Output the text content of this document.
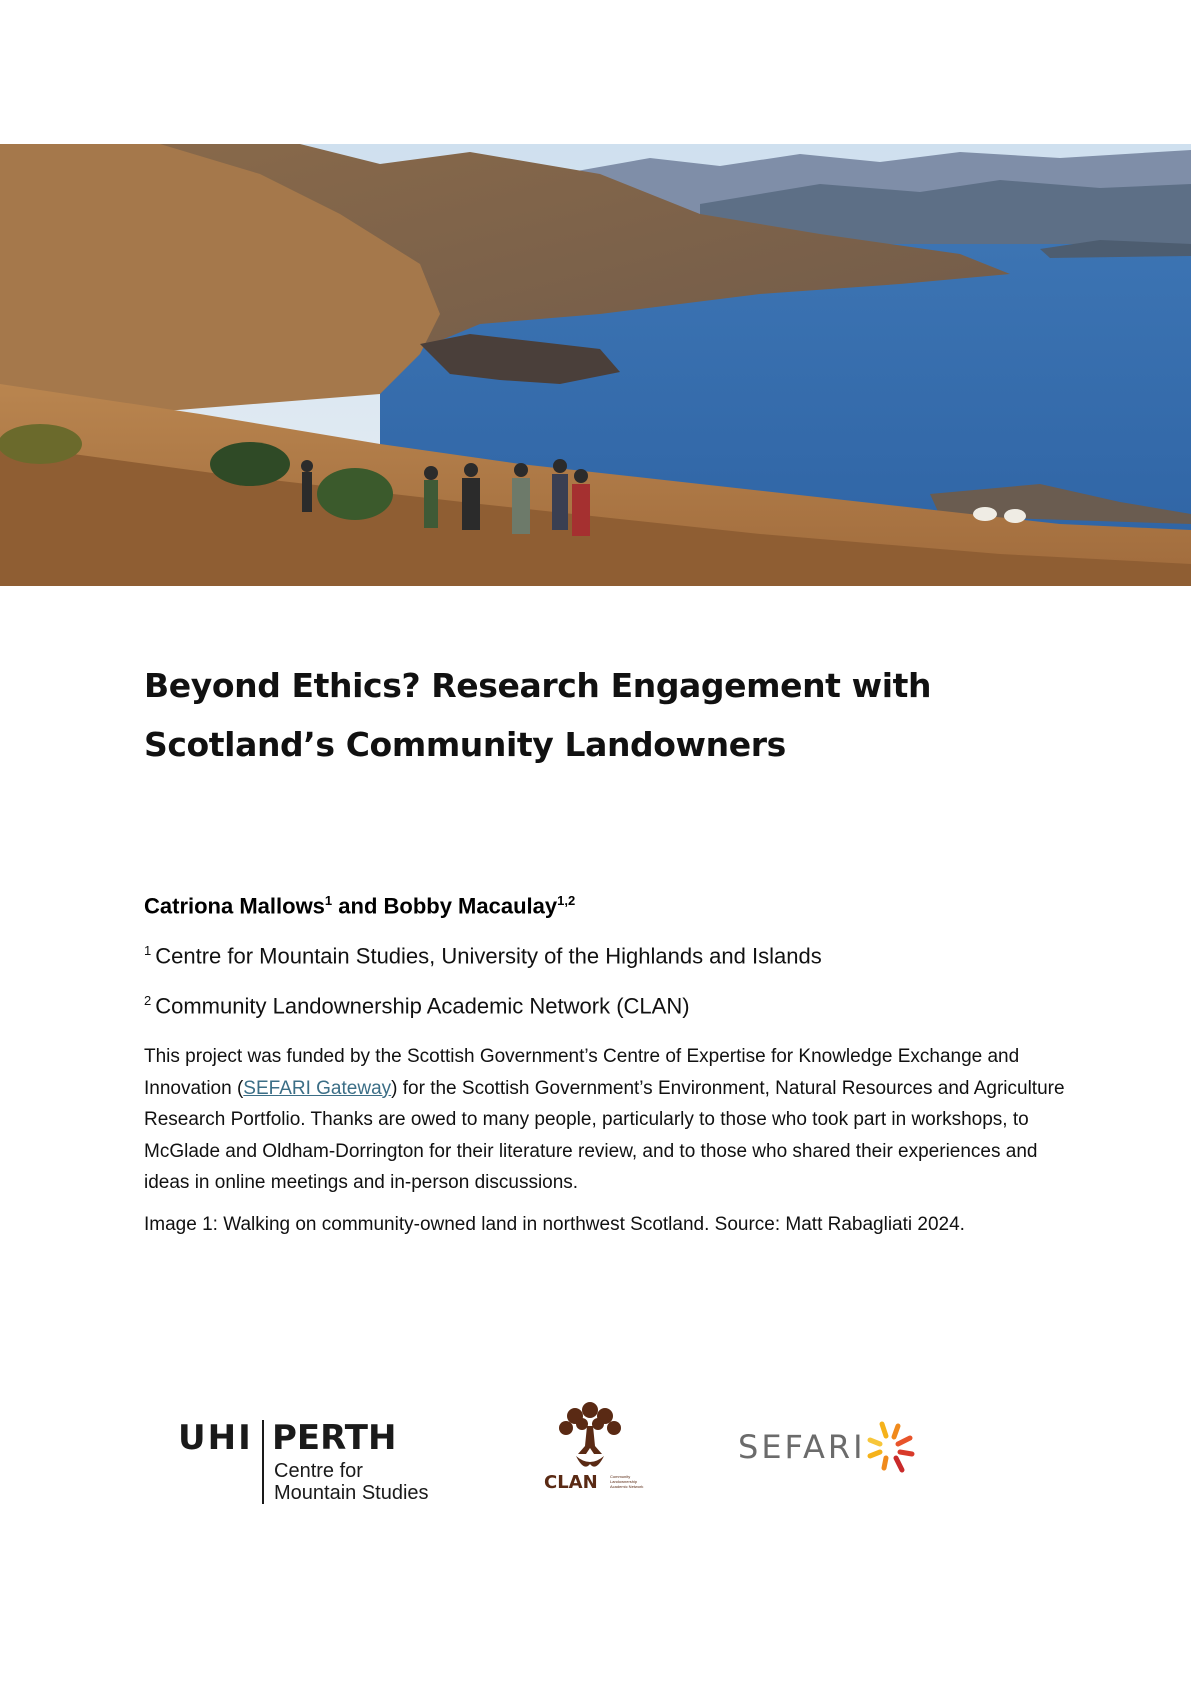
Beyond Ethics? Research Engagement with Scotland’s Community Landowners

Catriona Mallows$^1$ and Bobby Macaulay$^{1,2}$

$^1$ Centre for Mountain Studies, University of the Highlands and Islands

$^2$ Community Landownership Academic Network (CLAN)

This project was funded by the Scottish Government’s Centre of Expertise for Knowledge Exchange and Innovation (SEFARI Gateway) for the Scottish Government’s Environment, Natural Resources and Agriculture Research Portfolio. Thanks are owed to many people, particularly to those who took part in workshops, to McGlade and Oldham-Dorrington for their literature review, and to those who shared their experiences and ideas in online meetings and in-person discussions.

Image 1: Walking on community-owned land in northwest Scotland. Source: Matt Rabagliati 2024.

UHI PERTH
Centre for
Mountain Studies	CLAN	Community Landownership Academic Network
SEFARI
